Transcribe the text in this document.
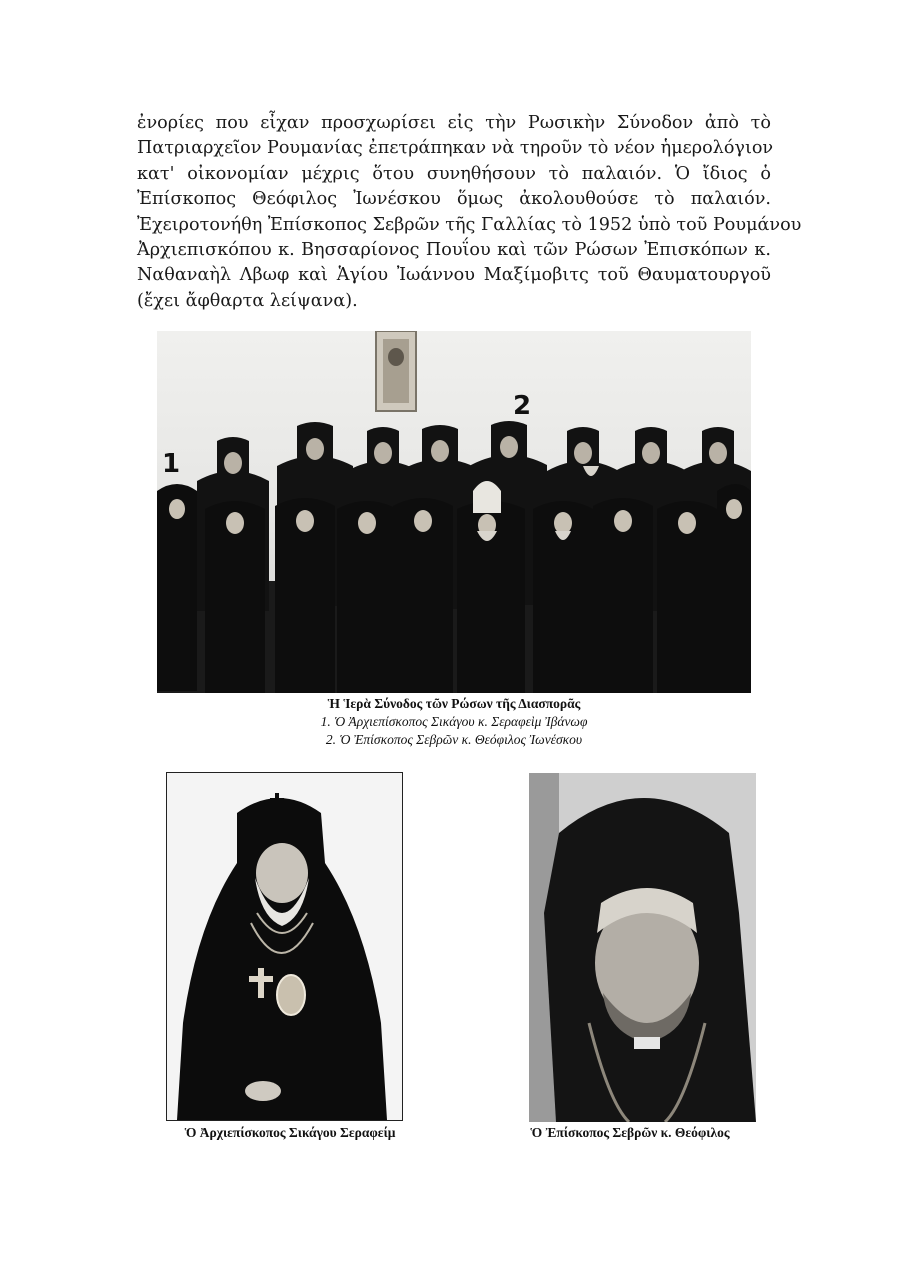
ἐνορίες που εἶχαν προσχωρίσει εἰς τὴν Ρωσικὴν Σύνοδον ἀπὸ τὸ
Πατριαρχεῖον Ρουμανίας ἐπετράπηκαν νὰ τηροῦν τὸ νέον ἡμερολόγιον
κατ' οἰκονομίαν μέχρις ὅτου συνηθήσουν τὸ παλαιόν. Ὁ ἴδιος ὁ
Ἐπίσκοπος Θεόφιλος Ἰωνέσκου ὅμως ἀκολουθούσε τὸ παλαιόν.
Ἐχειροτονήθη Ἐπίσκοπος Σεβρῶν τῆς Γαλλίας τὸ 1952 ὑπὸ τοῦ Ρουμάνου
Ἀρχιεπισκόπου κ. Βησσαρίονος Πουΐου καὶ τῶν Ρώσων Ἐπισκόπων κ.
Ναθαναὴλ Λβωφ καὶ Ἁγίου Ἰωάννου Μαξίμοβιτς τοῦ Θαυματουργοῦ
(ἔχει ἄφθαρτα λείψανα).
1
2
Ἡ Ἱερὰ Σύνοδος τῶν Ρώσων τῆς Διασπορᾶς
1. Ὁ Ἀρχιεπίσκοπος Σικάγου κ. Σεραφεὶμ Ἰβάνωφ
2. Ὁ Ἐπίσκοπος Σεβρῶν κ. Θεόφιλος Ἰωνέσκου
Ὁ Ἀρχιεπίσκοπος Σικάγου Σεραφείμ	Ὁ Ἐπίσκοπος Σεβρῶν κ. Θεόφιλος
